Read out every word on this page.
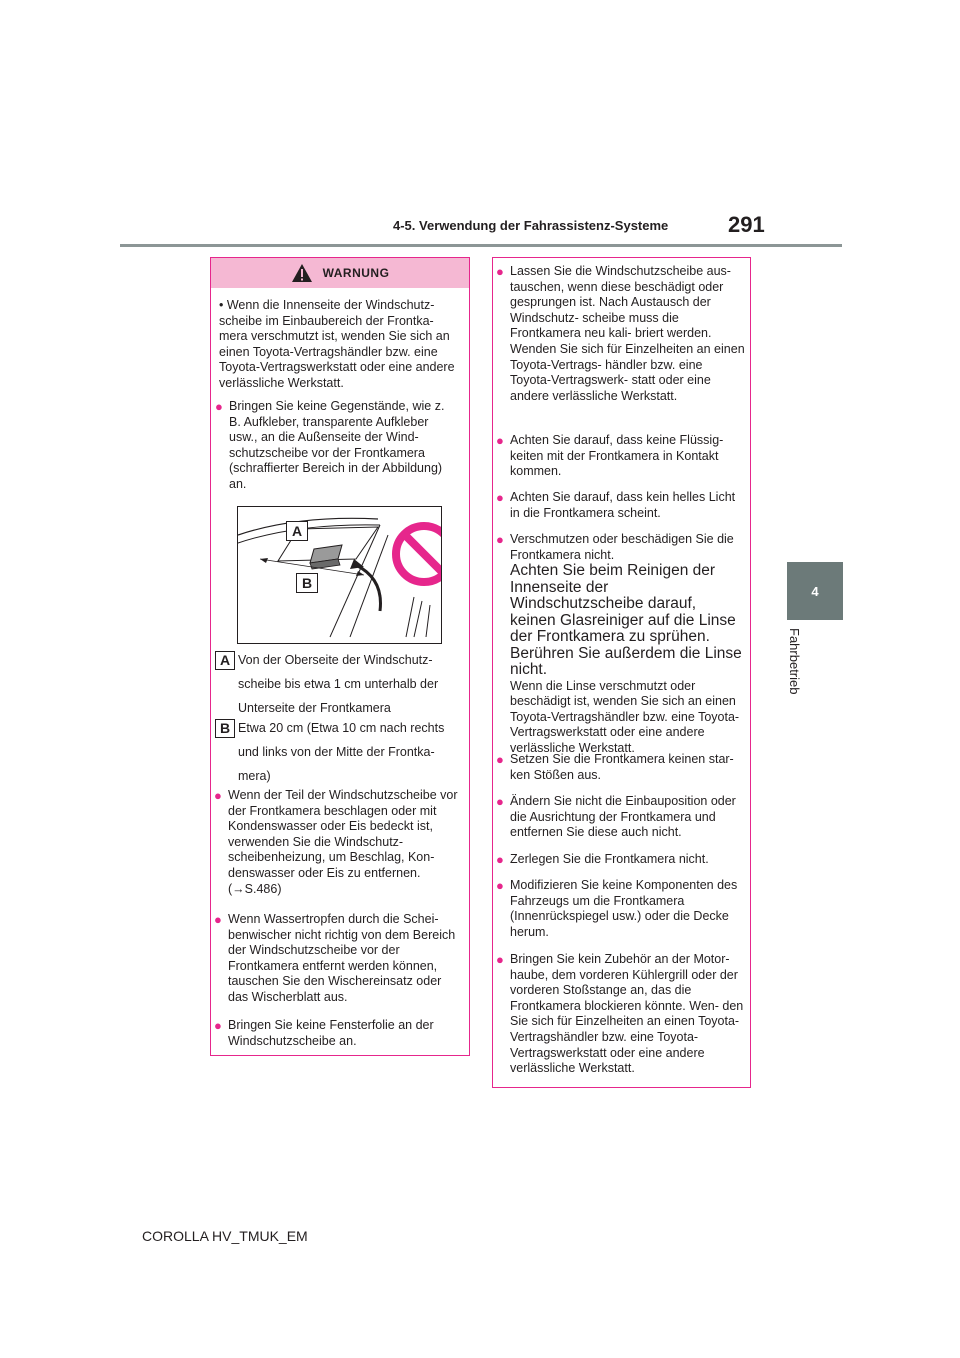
4-5. Verwendung der Fahrassistenz-Systeme	291
4
Fahrbetrieb
WARNUNG
• Wenn die Innenseite der Windschutz- scheibe im Einbaubereich der Frontka- mera verschmutzt ist, wenden Sie sich an einen Toyota-Vertragshändler bzw. eine Toyota-Vertragswerkstatt oder eine andere verlässliche Werkstatt.
● Bringen Sie keine Gegenstände, wie z. B. Aufkleber, transparente Aufkleber usw., an die Außenseite der Wind- schutzscheibe vor der Frontkamera (schraffierter Bereich in der Abbildung) an.
A
B
A Von der Oberseite der Windschutz- scheibe bis etwa 1 cm unterhalb der Unterseite der Frontkamera
B Etwa 20 cm (Etwa 10 cm nach rechts und links von der Mitte der Frontka- mera)
● Wenn der Teil der Windschutzscheibe vor der Frontkamera beschlagen oder mit Kondenswasser oder Eis bedeckt ist, verwenden Sie die Windschutz- scheibenheizung, um Beschlag, Kon- denswasser oder Eis zu entfernen. (→S.486)
● Wenn Wassertropfen durch die Schei- benwischer nicht richtig von dem Bereich der Windschutzscheibe vor der Frontkamera entfernt werden können, tauschen Sie den Wischereinsatz oder das Wischerblatt aus.
● Bringen Sie keine Fensterfolie an der Windschutzscheibe an.
● Lassen Sie die Windschutzscheibe aus- tauschen, wenn diese beschädigt oder gesprungen ist. Nach Austausch der Windschutz- scheibe muss die Frontkamera neu kali- briert werden. Wenden Sie sich für Einzelheiten an einen Toyota-Vertrags- händler bzw. eine Toyota-Vertragswerk- statt oder eine andere verlässliche Werkstatt.
● Achten Sie darauf, dass keine Flüssig- keiten mit der Frontkamera in Kontakt kommen.
● Achten Sie darauf, dass kein helles Licht in die Frontkamera scheint.
● Verschmutzen oder beschädigen Sie die Frontkamera nicht.
Achten Sie beim Reinigen der Innenseite der Windschutzscheibe darauf, keinen Glasreiniger auf die Linse der Frontkamera zu sprühen. Berühren Sie außerdem die Linse nicht.
Wenn die Linse verschmutzt oder beschädigt ist, wenden Sie sich an einen Toyota-Vertragshändler bzw. eine Toyota-Vertragswerkstatt oder eine andere verlässliche Werkstatt.
● Setzen Sie die Frontkamera keinen star- ken Stößen aus.
● Ändern Sie nicht die Einbauposition oder die Ausrichtung der Frontkamera und entfernen Sie diese auch nicht.
● Zerlegen Sie die Frontkamera nicht.
● Modifizieren Sie keine Komponenten des Fahrzeugs um die Frontkamera (Innenrückspiegel usw.) oder die Decke herum.
● Bringen Sie kein Zubehör an der Motor- haube, dem vorderen Kühlergrill oder der vorderen Stoßstange an, das die Frontkamera blockieren könnte. Wen- den Sie sich für Einzelheiten an einen Toyota-Vertragshändler bzw. eine Toyota-Vertragswerkstatt oder eine andere verlässliche Werkstatt.
COROLLA HV_TMUK_EM
